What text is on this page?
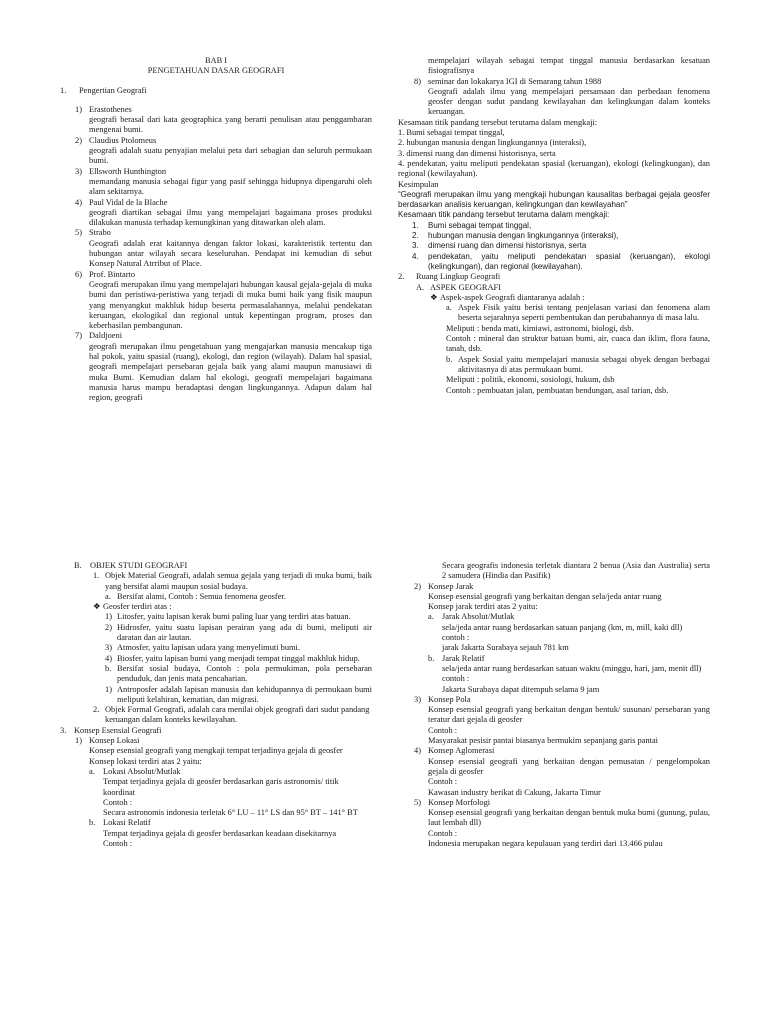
BAB I
PENGETAHUAN DASAR GEOGRAFI
1.	Pengertian Geografi
1) Erastothenes
geografi berasal dari kata geographica yang berarti penulisan atau penggambaran mengenai bumi.
2) Claudius Ptolomeus
geografi adalah suatu penyajian melalui peta dari sebagian dan seluruh permukaan bumi.
3) Ellsworth Hunthington
memandang manusia sebagai figur yang pasif sehingga hidupnya dipengaruhi oleh alam sekitarnya.
4) Paul Vidal de la Blache
geografi diartikan sebagai ilmu yang mempelajari bagaimana proses produksi dilakukan manusia terhadap kemungkinan yang ditawarkan oleh alam.
5) Strabo
Geografi adalah erat kaitannya dengan faktor lokasi, karakteristik tertentu dan hubungan antar wilayah secara keseluruhan. Pendapat ini kemudian di sebut Konsep Natural Atrribut of Place.
6) Prof. Bintarto
Geografi merupakan ilmu yang mempelajari hubungan kausal gejala-gejala di muka bumi dan peristiwa-peristiwa yang terjadi di muka bumi baik yang fisik maupun yang menyangkut makhluk hidup beserta permasalahannya, melalui pendekatan keruangan, ekologikal dan regional untuk kepentingan program, proses dan keberhasilan pembangunan.
7) Daldjoeni
geografi merupakan ilmu pengetahuan yang mengajarkan manusia mencakup tiga hal pokok, yaitu spasial (ruang), ekologi, dan region (wilayah). Dalam hal spasial, geografi mempelajari persebaran gejala baik yang alami maupun manusiawi di muka Bumi. Kemudian dalam hal ekologi, geografi mempelajari bagaimana manusia harus mampu beradaptasi dengan lingkungannya. Adapun dalam hal region, geografi
mempelajari wilayah sebagai tempat tinggal manusia berdasarkan kesatuan fisiografisnya
8) seminar dan lokakarya IGI di Semarang tahun 1988
Geografi adalah ilmu yang mempelajari persamaan dan perbedaan fenomena geosfer dengan sudut pandang kewilayahan dan kelingkungan dalam konteks keruangan.
Kesamaan titik pandang tersebut terutama dalam mengkaji:
1. Bumi sebagai tempat tinggal,
2. hubungan manusia dengan lingkungannya (interaksi),
3. dimensi ruang dan dimensi historisnya, serta
4. pendekatan, yaitu meliputi pendekatan spasial (keruangan), ekologi (kelingkungan), dan regional (kewilayahan).
Kesimpulan
“Geografi merupakan ilmu yang mengkaji hubungan kausalitas berbagai gejala geosfer berdasarkan analisis keruangan, kelingkungan dan kewilayahan”
Kesamaan titik pandang tersebut terutama dalam mengkaji:
1.	Bumi sebagai tempat tinggal,
2.	hubungan manusia dengan lingkungannya (interaksi),
3.	dimensi ruang dan dimensi historisnya, serta
4.	pendekatan, yaitu meliputi pendekatan spasial (keruangan), ekologi (kelingkungan), dan regional (kewilayahan).
2.	Ruang Lingkup Geografi
A. ASPEK GEOGRAFI
❖ Aspek-aspek Geografi diantaranya adalah :
a. Aspek Fisik yaitu berisi tentang penjelasan variasi dan fenomena alam beserta sejarahnya seperti pembentukan dan perubahannya di masa lalu.
Meliputi : benda mati, kimiawi, astronomi, biologi, dsb.
Contoh : mineral dan struktur batuan bumi, air, cuaca dan iklim, flora fauna, tanah, dsb.
b. Aspek Sosial yaitu mempelajari manusia sebagai obyek dengan berbagai aktivitasnya di atas permukaan bumi.
Meliputi : politik, ekonomi, sosiologi, hukum, dsb
Contoh : pembuatan jalan, pembuatan bendungan, asal tarian, dsb.
B. OBJEK STUDI GEOGRAFI
1. Objek Material Geografi, adalah semua gejala yang terjadi di muka bumi, baik yang bersifat alami maupun sosial budaya.
a. Bersifat alami, Contoh : Semua fenomena geosfer.
❖ Geosfer terdiri atas :
1) Litosfer, yaitu lapisan kerak bumi paling luar yang terdiri atas batuan.
2) Hidrosfer, yaitu suatu lapisan perairan yang ada di bumi, meliputi air daratan dan air lautan.
3) Atmosfer, yaitu lapisan udara yang menyelimuti bumi.
4) Biosfer, yaitu lapisan bumi yang menjadi tempat tinggal makhluk hidup.
b. Bersifat sosial budaya, Contoh : pola permukiman, pola persebaran penduduk, dan jenis mata pencaharian.
1) Antroposfer adalah lapisan manusia dan kehidupannya di permukaan bumi meliputi kelahiran, kematian, dan migrasi.
2. Objek Formal Geografi, adalah cara menilai objek geografi dari sudut pandang keruangan dalam konteks kewilayahan.
3. Konsep Esensial Geografi
1) Konsep Lokasi
Konsep esensial geografi yang mengkaji tempat terjadinya gejala di geosfer
Konsep lokasi terdiri atas 2 yaitu:
a. Lokasi Absolut/Mutlak
Tempat terjadinya gejala di geosfer berdasarkan garis astronomis/ titik koordinat
Contoh :
Secara astronomis indonesia terletak 6° LU – 11° LS dan 95° BT – 141° BT
b. Lokasi Relatif
Tempat terjadinya gejala di geosfer berdasarkan keadaan disekitarnya
Contoh :
Secara geografis indonesia terletak diantara 2 benua (Asia dan Australia) serta 2 samudera (Hindia dan Pasifik)
2) Konsep Jarak
Konsep esensial geografi yang berkaitan dengan sela/jeda antar ruang
Konsep jarak terdiri atas 2 yaitu:
a. Jarak Absolut/Mutlak
sela/jeda antar ruang berdasarkan satuan panjang (km, m, mill, kaki dll)
contoh :
jarak Jakarta Surabaya sejauh 781 km
b. Jarak Relatif
sela/jeda antar ruang berdasarkan satuan waktu (minggu, hari, jam, menit dll)
contoh :
Jakarta Surabaya dapat ditempuh selama 9 jam
3) Konsep Pola
Konsep esensial geografi yang berkaitan dengan bentuk/ susunan/ persebaran yang teratur dari gejala di geosfer
Contoh :
Masyarakat pesisir pantai biasanya bermukim sepanjang garis pantai
4) Konsep Aglomerasi
Konsep esensial geografi yang berkaitan dengan pemusatan / pengelompokan gejala di geosfer
Contoh :
Kawasan industry berikat di Cakung, Jakarta Timur
5) Konsep Morfologi
Konsep esensial geografi yang berkaitan dengan bentuk muka bumi (gunung, pulau, laut lembah dll)
Contoh :
Indonesia merupakan negara kepulauan yang terdiri dari 13.466 pulau
